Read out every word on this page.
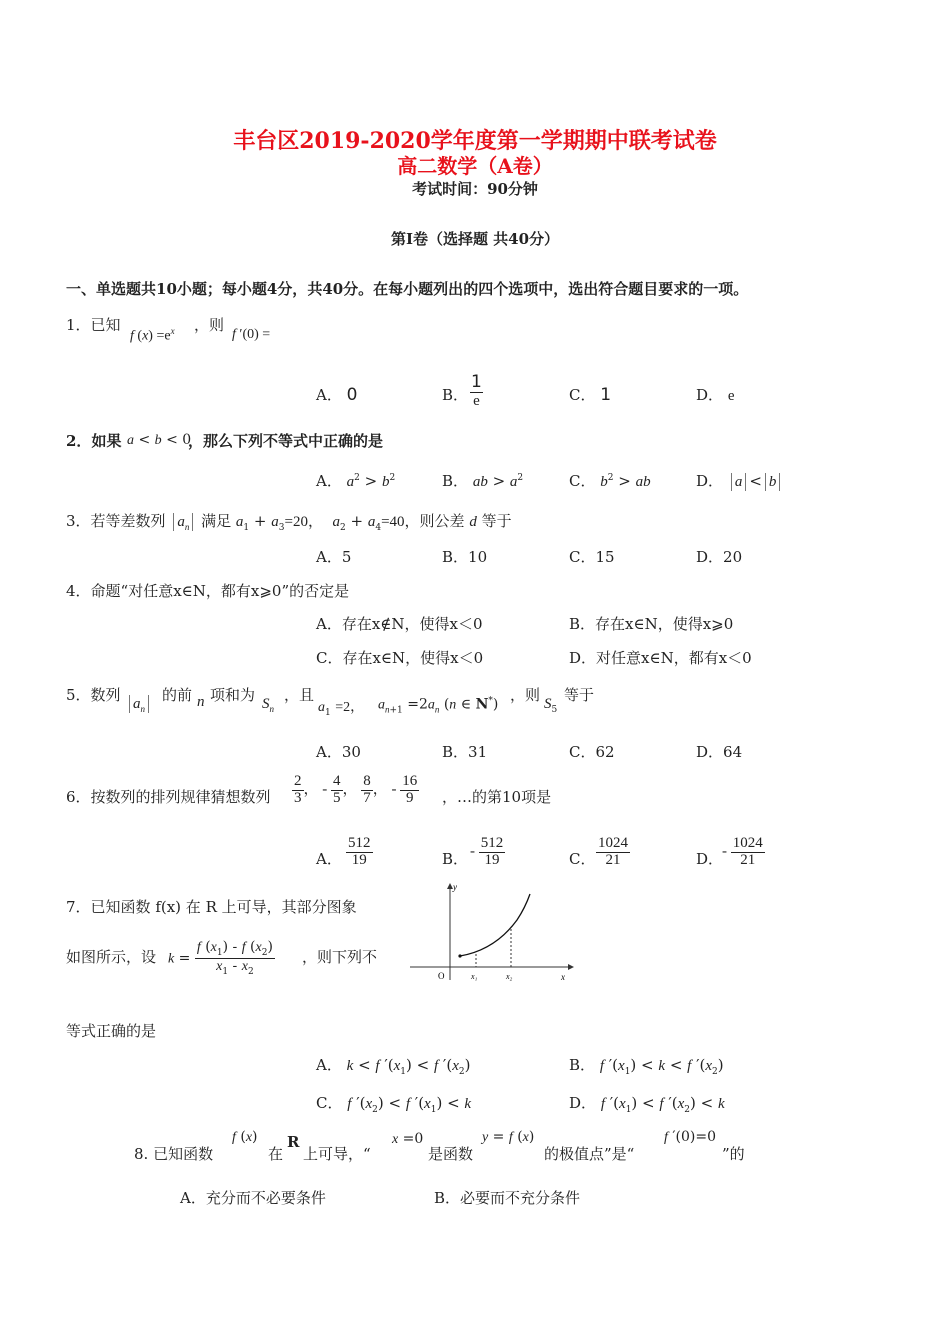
丰台区2019-2020学年度第一学期期中联考试卷
高二数学（A卷）
考试时间：90分钟
第Ⅰ卷（选择题 共40分）
一、单选题共10小题；每小题4分，共40分。在每小题列出的四个选项中，选出符合题目要求的一项。
1．已知
f $(x) =e^x$ ，则
f ′(0) =
A． 0	B．
1
e	C． 1	D． e
2．如果 a < b < 0
，那么下列不等式中正确的是
A． $a^2 > b^2$	B． ab > $a^2$	C． $b^2$ > ab	D． a < b
3．若等差数列 $a_n$ 满足 $a_1 + a_3=20$， $a_2 + a_4=40$，则公差 d 等于
A．5	B．10	C．15	D．20
4．命题“对任意x∈N，都有x⩾0”的否定是
A．存在x∉N，使得x＜0	B．存在x∈N，使得x⩾0
C．存在x∈N，使得x＜0	D．对任意x∈N，都有x＜0
5．数列 $a_n$
的前 n 项和为 $S_n$
，且
$a_1 =2$， $a_{n+1} =2a_n$ (n ∈ N*)
，则 $S_5$
等于
A．30	B．31	C．62	D．64
6．按数列的排列规律猜想数列 $\frac{2}{3}$ ， - $\frac{4}{5}$ ， $\frac{8}{7}$ ， - $\frac{16}{9}$ ，…的第10项是
A． $\frac{512}{19}$	B． - $\frac{512}{19}$	C． $\frac{1024}{21}$	D．
- $\frac{1024}{21}$
7．已知函数 f(x) 在 R 上可导，其部分图象
如图所示，设 $k = \frac{f (x_1) - f (x_2)}{x_1 - x_2}$ ，则下列不
等式正确的是
y
x
O	x₁	x₂
A． k < f $'(x_1) < f$ $'(x_2)$	B． f $'(x_1) < k < f$ $'(x_2)$
C． f $'(x_2) < f$ $'(x_1) < k$	D． f $'(x_1) < f$ $'(x_2) < k$
8. 已知函数
f (x)
在
R
上可导，“
x =0
是函数
y = f (x)
的极值点”是“
f ′(0)=0
”的
A．充分而不必要条件	B．必要而不充分条件
